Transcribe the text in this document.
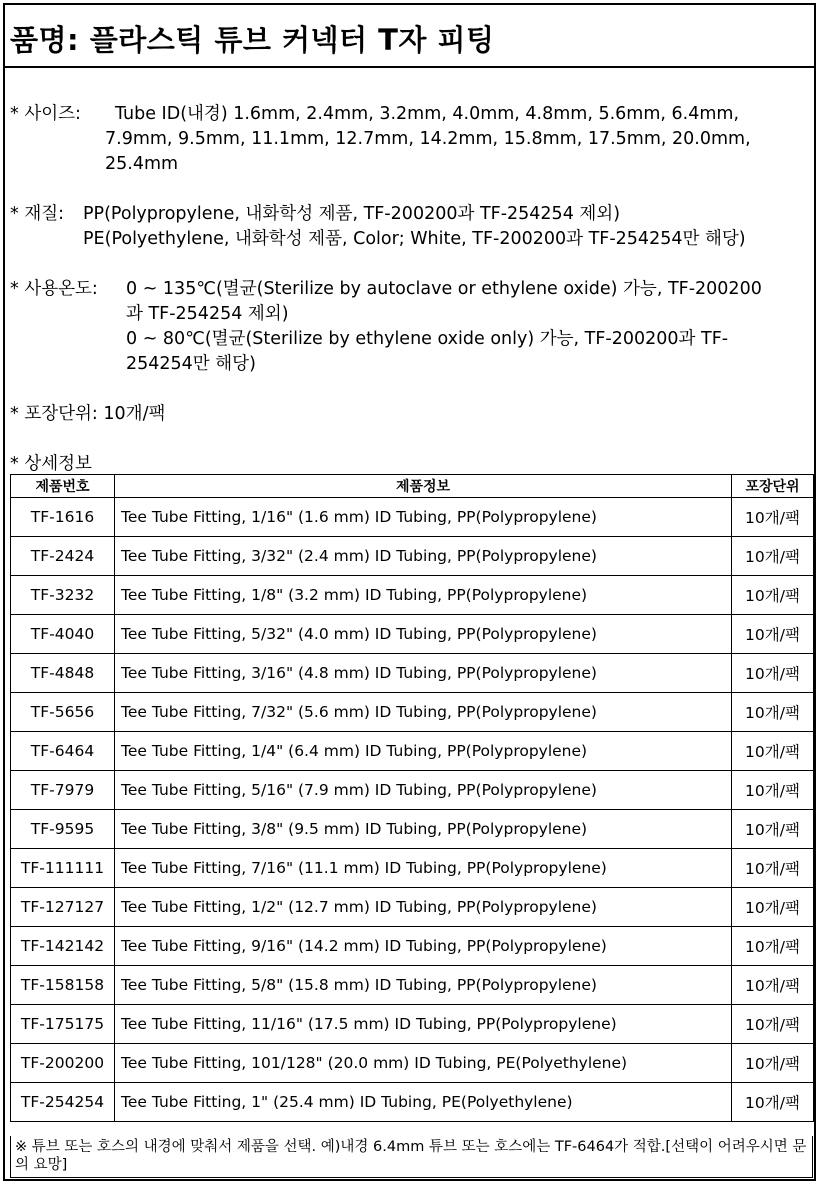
품명: 플라스틱 튜브 커넥터 T자 피팅
* 사이즈: Tube ID(내경) 1.6mm, 2.4mm, 3.2mm, 4.0mm, 4.8mm, 5.6mm, 6.4mm,
7.9mm, 9.5mm, 11.1mm, 12.7mm, 14.2mm, 15.8mm, 17.5mm, 20.0mm,
25.4mm
* 재질: PP(Polypropylene, 내화학성 제품, TF-200200과 TF-254254 제외)
PE(Polyethylene, 내화학성 제품, Color; White, TF-200200과 TF-254254만 해당)
* 사용온도: 0 ~ 135℃(멸균(Sterilize by autoclave or ethylene oxide) 가능, TF-200200
과 TF-254254 제외)
0 ~ 80℃(멸균(Sterilize by ethylene oxide only) 가능, TF-200200과 TF-
254254만 해당)
* 포장단위: 10개/팩
* 상세정보
제품번호	제품정보	포장단위
TF-1616	Tee Tube Fitting, 1/16" (1.6 mm) ID Tubing, PP(Polypropylene)	10개/팩
TF-2424	Tee Tube Fitting, 3/32" (2.4 mm) ID Tubing, PP(Polypropylene)	10개/팩
TF-3232	Tee Tube Fitting, 1/8" (3.2 mm) ID Tubing, PP(Polypropylene)	10개/팩
TF-4040	Tee Tube Fitting, 5/32" (4.0 mm) ID Tubing, PP(Polypropylene)	10개/팩
TF-4848	Tee Tube Fitting, 3/16" (4.8 mm) ID Tubing, PP(Polypropylene)	10개/팩
TF-5656	Tee Tube Fitting, 7/32" (5.6 mm) ID Tubing, PP(Polypropylene)	10개/팩
TF-6464	Tee Tube Fitting, 1/4" (6.4 mm) ID Tubing, PP(Polypropylene)	10개/팩
TF-7979	Tee Tube Fitting, 5/16" (7.9 mm) ID Tubing, PP(Polypropylene)	10개/팩
TF-9595	Tee Tube Fitting, 3/8" (9.5 mm) ID Tubing, PP(Polypropylene)	10개/팩
TF-111111	Tee Tube Fitting, 7/16" (11.1 mm) ID Tubing, PP(Polypropylene)	10개/팩
TF-127127	Tee Tube Fitting, 1/2" (12.7 mm) ID Tubing, PP(Polypropylene)	10개/팩
TF-142142	Tee Tube Fitting, 9/16" (14.2 mm) ID Tubing, PP(Polypropylene)	10개/팩
TF-158158	Tee Tube Fitting, 5/8" (15.8 mm) ID Tubing, PP(Polypropylene)	10개/팩
TF-175175	Tee Tube Fitting, 11/16" (17.5 mm) ID Tubing, PP(Polypropylene)	10개/팩
TF-200200	Tee Tube Fitting, 101/128" (20.0 mm) ID Tubing, PE(Polyethylene)	10개/팩
TF-254254	Tee Tube Fitting, 1" (25.4 mm) ID Tubing, PE(Polyethylene)	10개/팩
※ 튜브 또는 호스의 내경에 맞춰서 제품을 선택. 예)내경 6.4mm 튜브 또는 호스에는 TF-6464가 적합.[선택이 어려우시면 문의 요망]
